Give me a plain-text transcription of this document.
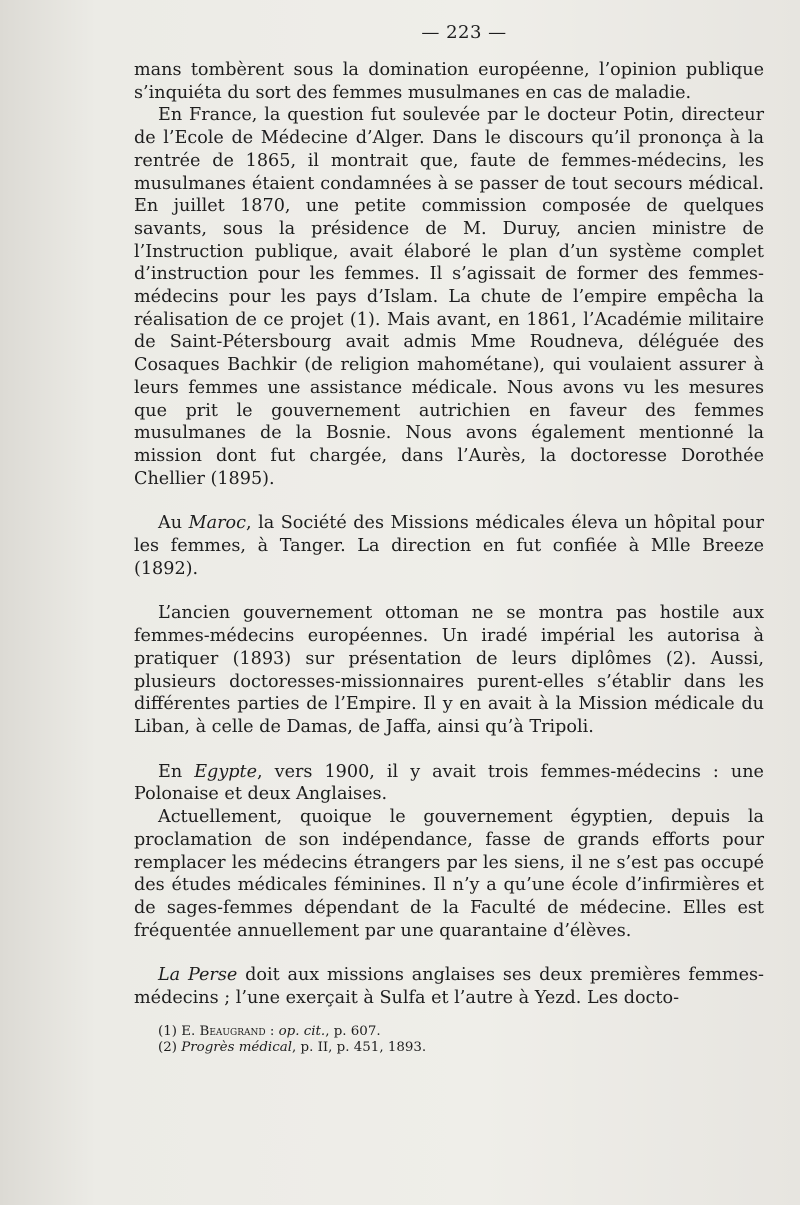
— 223 —

mans tombèrent sous la domination européenne, l’opinion publique s’inquiéta du sort des femmes musulmanes en cas de maladie.

En France, la question fut soulevée par le docteur Potin, directeur de l’Ecole de Médecine d’Alger. Dans le discours qu’il prononça à la rentrée de 1865, il montrait que, faute de femmes-médecins, les musulmanes étaient condamnées à se passer de tout secours médical. En juillet 1870, une petite commission composée de quelques savants, sous la présidence de M. Duruy, ancien ministre de l’Instruction publique, avait élaboré le plan d’un système complet d’instruction pour les femmes. Il s’agissait de former des femmes-médecins pour les pays d’Islam. La chute de l’empire empêcha la réalisation de ce projet (1). Mais avant, en 1861, l’Académie militaire de Saint-Pétersbourg avait admis Mme Roudneva, déléguée des Cosaques Bachkir (de religion mahométane), qui voulaient assurer à leurs femmes une assistance médicale. Nous avons vu les mesures que prit le gouvernement autrichien en faveur des femmes musulmanes de la Bosnie. Nous avons également mentionné la mission dont fut chargée, dans l’Aurès, la doctoresse Dorothée Chellier (1895).

Au Maroc, la Société des Missions médicales éleva un hôpital pour les femmes, à Tanger. La direction en fut confiée à Mlle Breeze (1892).

L’ancien gouvernement ottoman ne se montra pas hostile aux femmes-médecins européennes. Un iradé impérial les autorisa à pratiquer (1893) sur présentation de leurs diplômes (2). Aussi, plusieurs doctoresses-missionnaires purent-elles s’établir dans les différentes parties de l’Empire. Il y en avait à la Mission médicale du Liban, à celle de Damas, de Jaffa, ainsi qu’à Tripoli.

En Egypte, vers 1900, il y avait trois femmes-médecins : une Polonaise et deux Anglaises.

Actuellement, quoique le gouvernement égyptien, depuis la proclamation de son indépendance, fasse de grands efforts pour remplacer les médecins étrangers par les siens, il ne s’est pas occupé des études médicales féminines. Il n’y a qu’une école d’infirmières et de sages-femmes dépendant de la Faculté de médecine. Elles est fréquentée annuellement par une quarantaine d’élèves.

La Perse doit aux missions anglaises ses deux premières femmes-médecins ; l’une exerçait à Sulfa et l’autre à Yezd. Les docto-

(1) E. Beaugrand : op. cit., p. 607.
(2) Progrès médical, p. II, p. 451, 1893.
